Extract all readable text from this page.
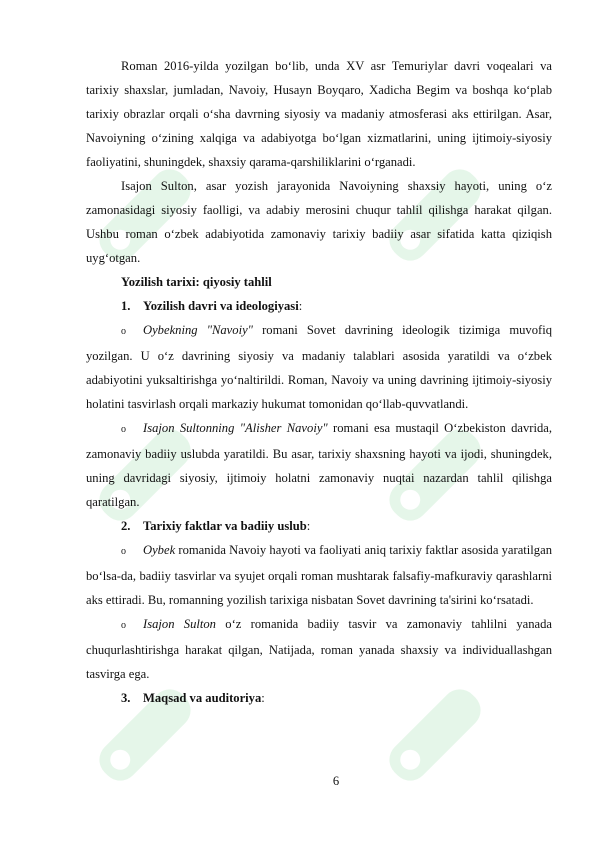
Roman 2016-yilda yozilgan bo‘lib, unda XV asr Temuriylar davri voqealari va tarixiy shaxslar, jumladan, Navoiy, Husayn Boyqaro, Xadicha Begim va boshqa ko‘plab tarixiy obrazlar orqali o‘sha davrning siyosiy va madaniy atmosferasi aks ettirilgan. Asar, Navoiyning o‘zining xalqiga va adabiyotga bo‘lgan xizmatlarini, uning ijtimoiy-siyosiy faoliyatini, shuningdek, shaxsiy qarama-qarshiliklarini o‘rganadi.

Isajon Sulton, asar yozish jarayonida Navoiyning shaxsiy hayoti, uning o‘z zamonasidagi siyosiy faolligi, va adabiy merosini chuqur tahlil qilishga harakat qilgan. Ushbu roman o‘zbek adabiyotida zamonaviy tarixiy badiiy asar sifatida katta qiziqish uyg‘otgan.

Yozilish tarixi: qiyosiy tahlil

1. Yozilish davri va ideologiyasi:

o Oybekning "Navoiy" romani Sovet davrining ideologik tizimiga muvofiq yozilgan. U o‘z davrining siyosiy va madaniy talablari asosida yaratildi va o‘zbek adabiyotini yuksaltirishga yo‘naltirildi. Roman, Navoiy va uning davrining ijtimoiy-siyosiy holatini tasvirlash orqali markaziy hukumat tomonidan qo‘llab-quvvatlandi.

o Isajon Sultonning "Alisher Navoiy" romani esa mustaqil O‘zbekiston davrida, zamonaviy badiiy uslubda yaratildi. Bu asar, tarixiy shaxsning hayoti va ijodi, shuningdek, uning davridagi siyosiy, ijtimoiy holatni zamonaviy nuqtai nazardan tahlil qilishga qaratilgan.

2. Tarixiy faktlar va badiiy uslub:

o Oybek romanida Navoiy hayoti va faoliyati aniq tarixiy faktlar asosida yaratilgan bo‘lsa-da, badiiy tasvirlar va syujet orqali roman mushtarak falsafiy-mafkuraviy qarashlarni aks ettiradi. Bu, romanning yozilish tarixiga nisbatan Sovet davrining ta'sirini ko‘rsatadi.

o Isajon Sulton o‘z romanida badiiy tasvir va zamonaviy tahlilni yanada chuqurlashtirishga harakat qilgan, Natijada, roman yanada shaxsiy va individuallashgan tasvirga ega.

3. Maqsad va auditoriya:

6
